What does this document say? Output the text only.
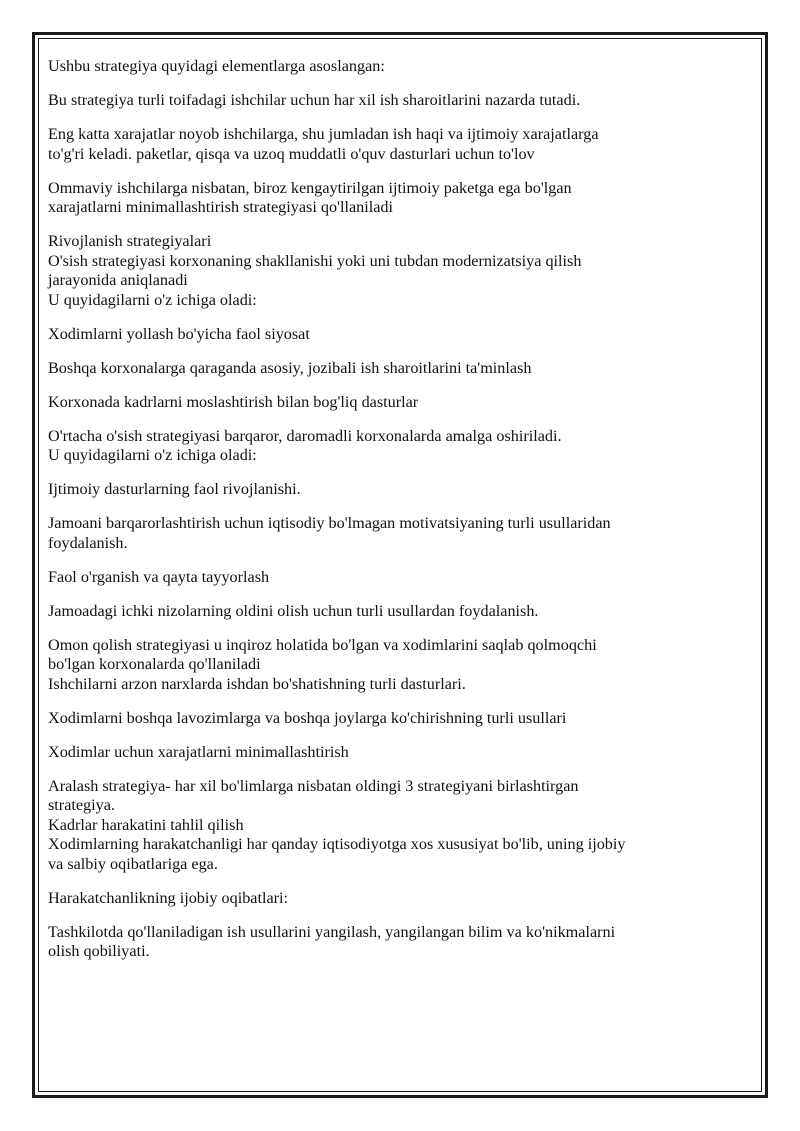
Ushbu strategiya quyidagi elementlarga asoslangan:

Bu strategiya turli toifadagi ishchilar uchun har xil ish sharoitlarini nazarda tutadi.

Eng katta xarajatlar noyob ishchilarga, shu jumladan ish haqi va ijtimoiy xarajatlarga
to'g'ri keladi. paketlar, qisqa va uzoq muddatli o'quv dasturlari uchun to'lov

Ommaviy ishchilarga nisbatan, biroz kengaytirilgan ijtimoiy paketga ega bo'lgan
xarajatlarni minimallashtirish strategiyasi qo'llaniladi

Rivojlanish strategiyalari
O'sish strategiyasi korxonaning shakllanishi yoki uni tubdan modernizatsiya qilish
jarayonida aniqlanadi
U quyidagilarni o'z ichiga oladi:

Xodimlarni yollash bo'yicha faol siyosat

Boshqa korxonalarga qaraganda asosiy, jozibali ish sharoitlarini ta'minlash

Korxonada kadrlarni moslashtirish bilan bog'liq dasturlar

O'rtacha o'sish strategiyasi barqaror, daromadli korxonalarda amalga oshiriladi.
U quyidagilarni o'z ichiga oladi:

Ijtimoiy dasturlarning faol rivojlanishi.

Jamoani barqarorlashtirish uchun iqtisodiy bo'lmagan motivatsiyaning turli usullaridan
foydalanish.

Faol o'rganish va qayta tayyorlash

Jamoadagi ichki nizolarning oldini olish uchun turli usullardan foydalanish.

Omon qolish strategiyasi u inqiroz holatida bo'lgan va xodimlarini saqlab qolmoqchi
bo'lgan korxonalarda qo'llaniladi
Ishchilarni arzon narxlarda ishdan bo'shatishning turli dasturlari.

Xodimlarni boshqa lavozimlarga va boshqa joylarga ko'chirishning turli usullari

Xodimlar uchun xarajatlarni minimallashtirish

Aralash strategiya- har xil bo'limlarga nisbatan oldingi 3 strategiyani birlashtirgan
strategiya.
Kadrlar harakatini tahlil qilish
Xodimlarning harakatchanligi har qanday iqtisodiyotga xos xususiyat bo'lib, uning ijobiy
va salbiy oqibatlariga ega.

Harakatchanlikning ijobiy oqibatlari:

Tashkilotda qo'llaniladigan ish usullarini yangilash, yangilangan bilim va ko'nikmalarni
olish qobiliyati.
